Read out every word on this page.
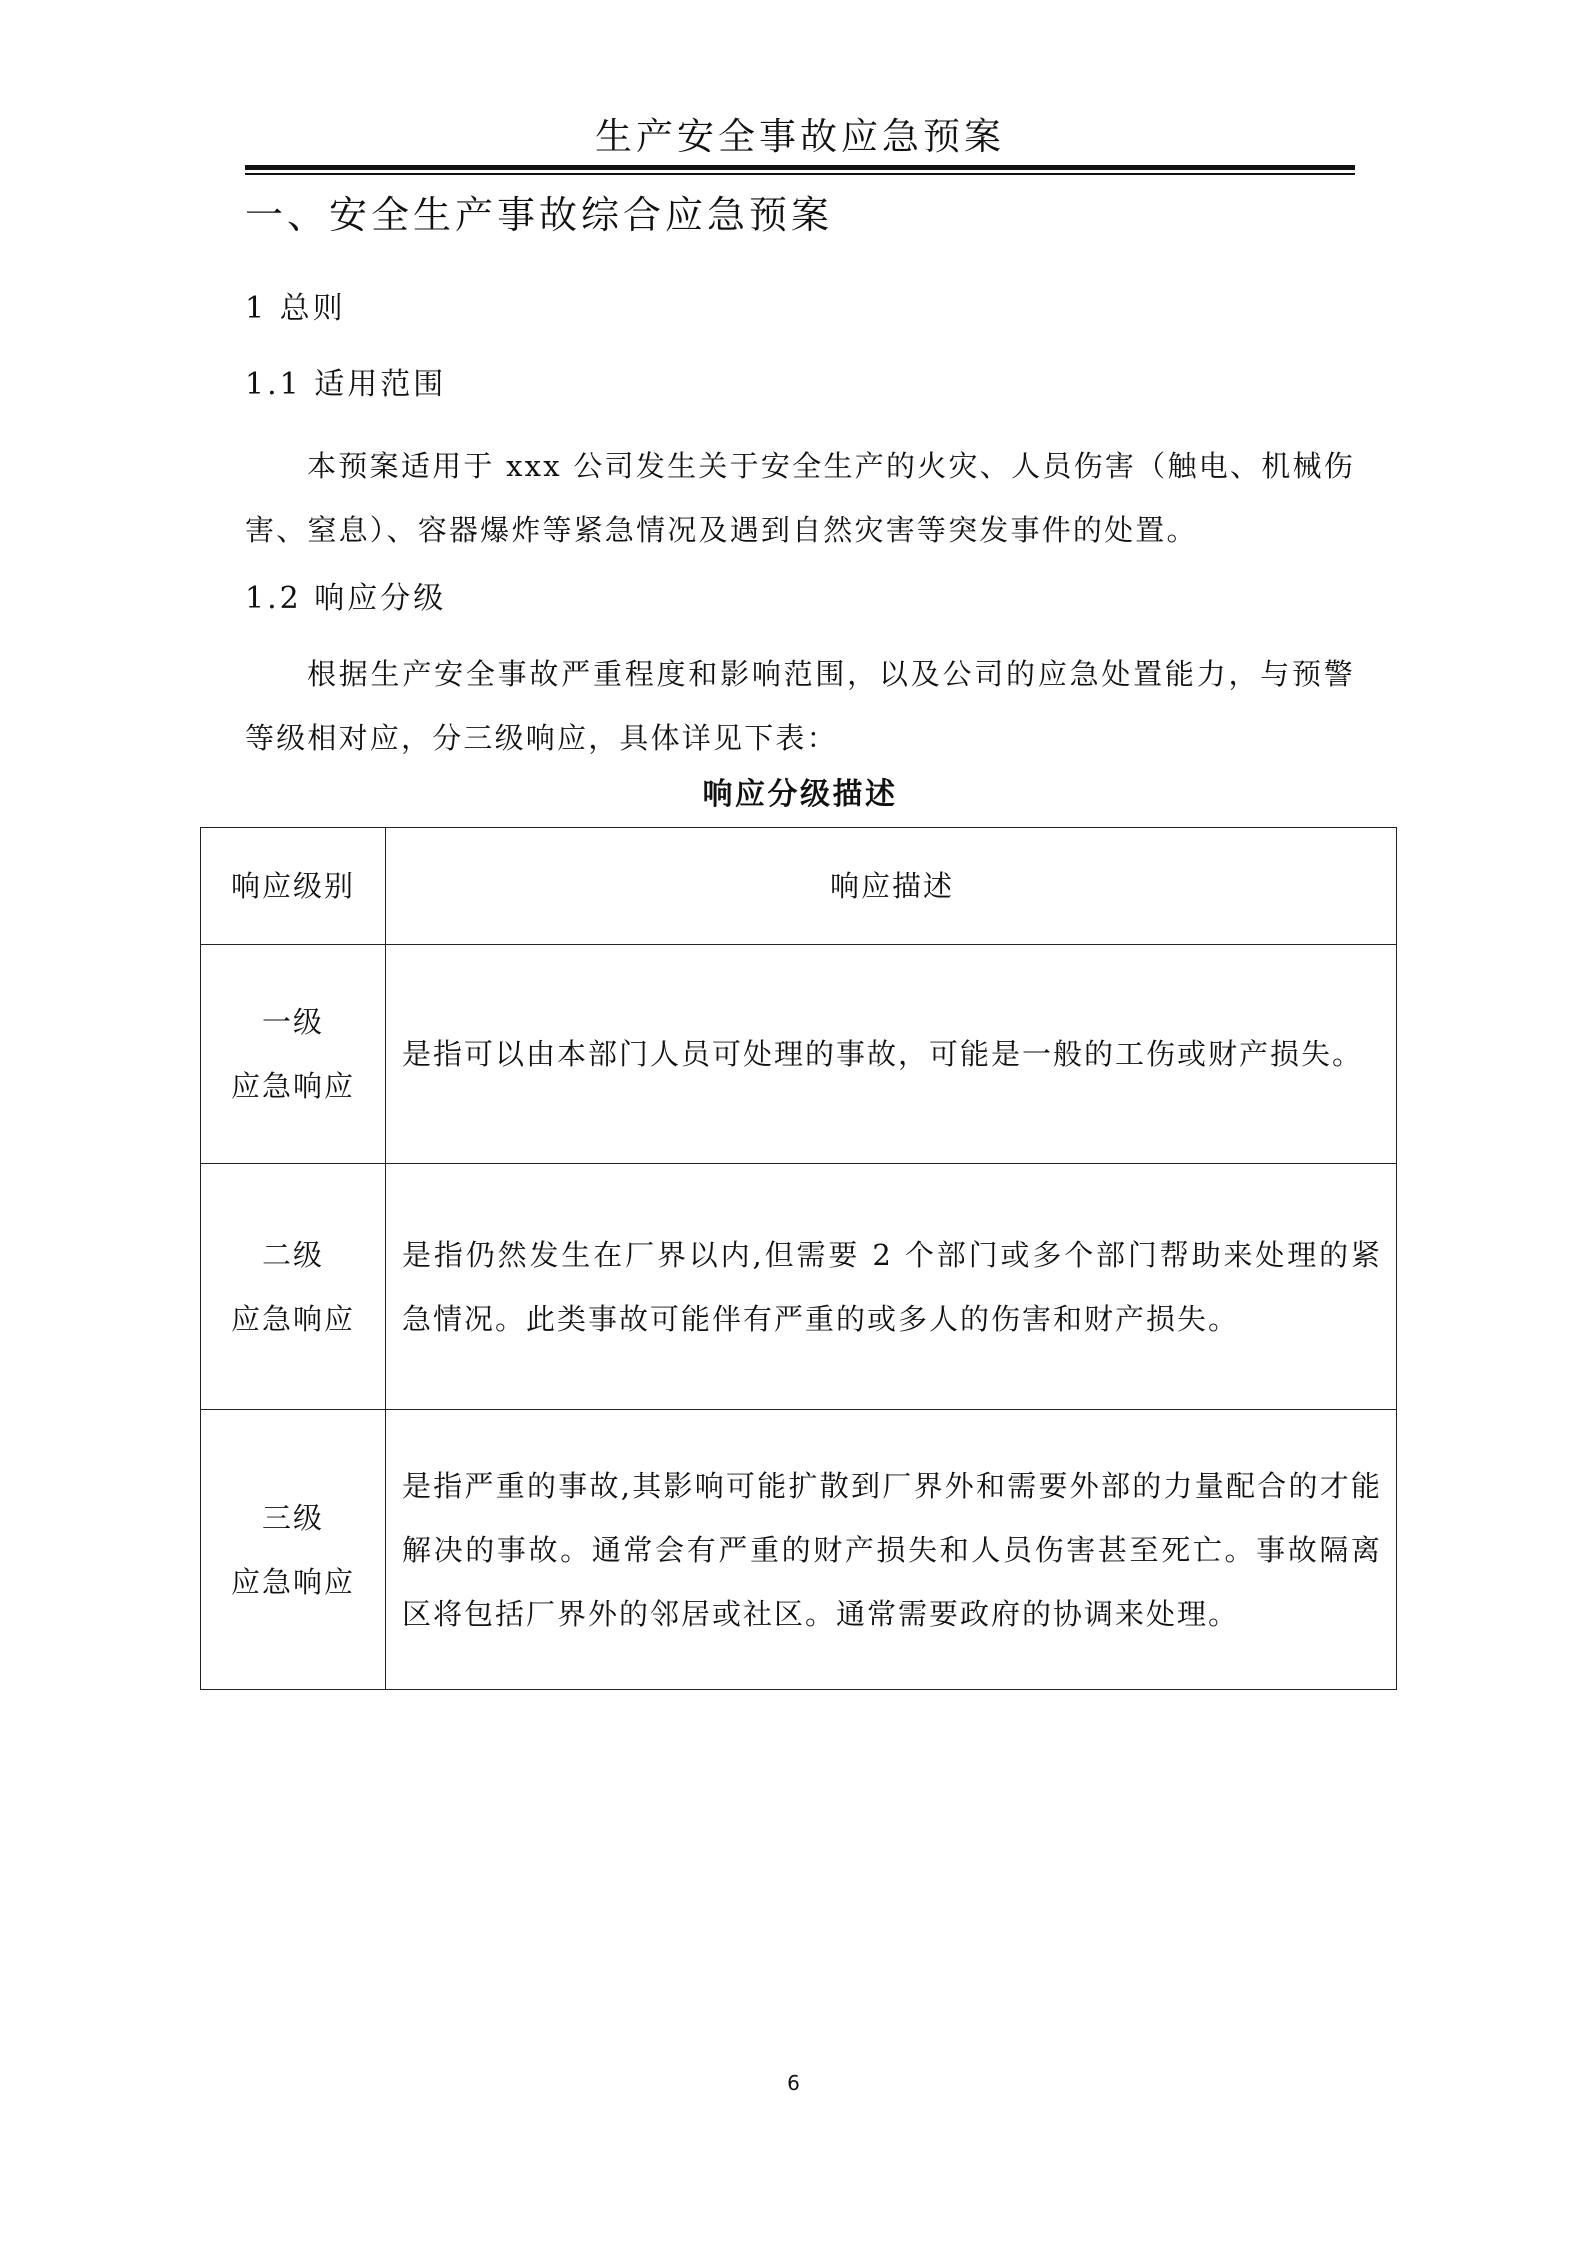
生产安全事故应急预案
一、安全生产事故综合应急预案
1 总则
1.1 适用范围
本预案适用于 xxx 公司发生关于安全生产的火灾、人员伤害（触电、机械伤害、窒息）、容器爆炸等紧急情况及遇到自然灾害等突发事件的处置。
1.2 响应分级
根据生产安全事故严重程度和影响范围，以及公司的应急处置能力，与预警等级相对应，分三级响应，具体详见下表：
响应分级描述
响应级别	响应描述

一级
应急响应	是指可以由本部门人员可处理的事故，可能是一般的工伤或财产损失。

二级
应急响应	是指仍然发生在厂界以内,但需要 2 个部门或多个部门帮助来处理的紧急情况。此类事故可能伴有严重的或多人的伤害和财产损失。

三级
应急响应	是指严重的事故,其影响可能扩散到厂界外和需要外部的力量配合的才能解决的事故。通常会有严重的财产损失和人员伤害甚至死亡。事故隔离区将包括厂界外的邻居或社区。通常需要政府的协调来处理。
6
